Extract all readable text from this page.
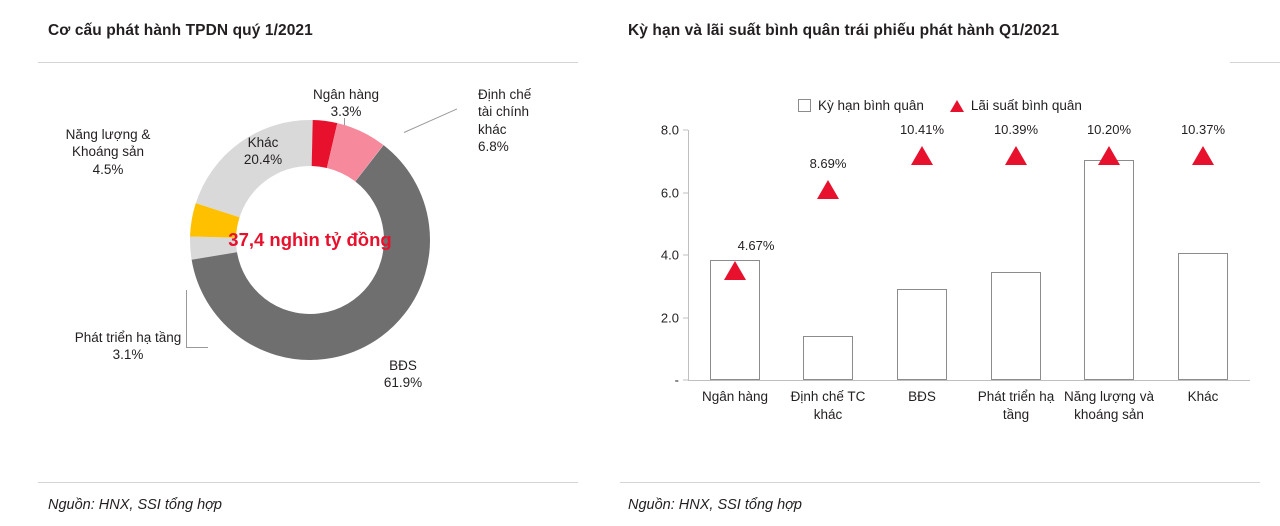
Cơ cấu phát hành TPDN quý 1/2021
37,4 nghìn tỷ đồng
Ngân hàng
3.3%
Định chế
tài chính
khác
6.8%
Khác
20.4%
Năng lượng &
Khoáng sản
4.5%
Phát triển hạ tầng
3.1%
BĐS
61.9%
Nguồn: HNX, SSI tổng hợp
Kỳ hạn và lãi suất bình quân trái phiếu phát hành Q1/2021
Kỳ hạn bình quân	Lãi suất bình quân
-
2.0
4.0
6.0
8.0
4.67%
8.69%
10.41%	10.39%	10.20%	10.37%
Ngân hàng	Định chế TC khác
BĐS	Phát triển hạ tầng
Năng lượng và khoáng sản
Khác
Nguồn: HNX, SSI tổng hợp
